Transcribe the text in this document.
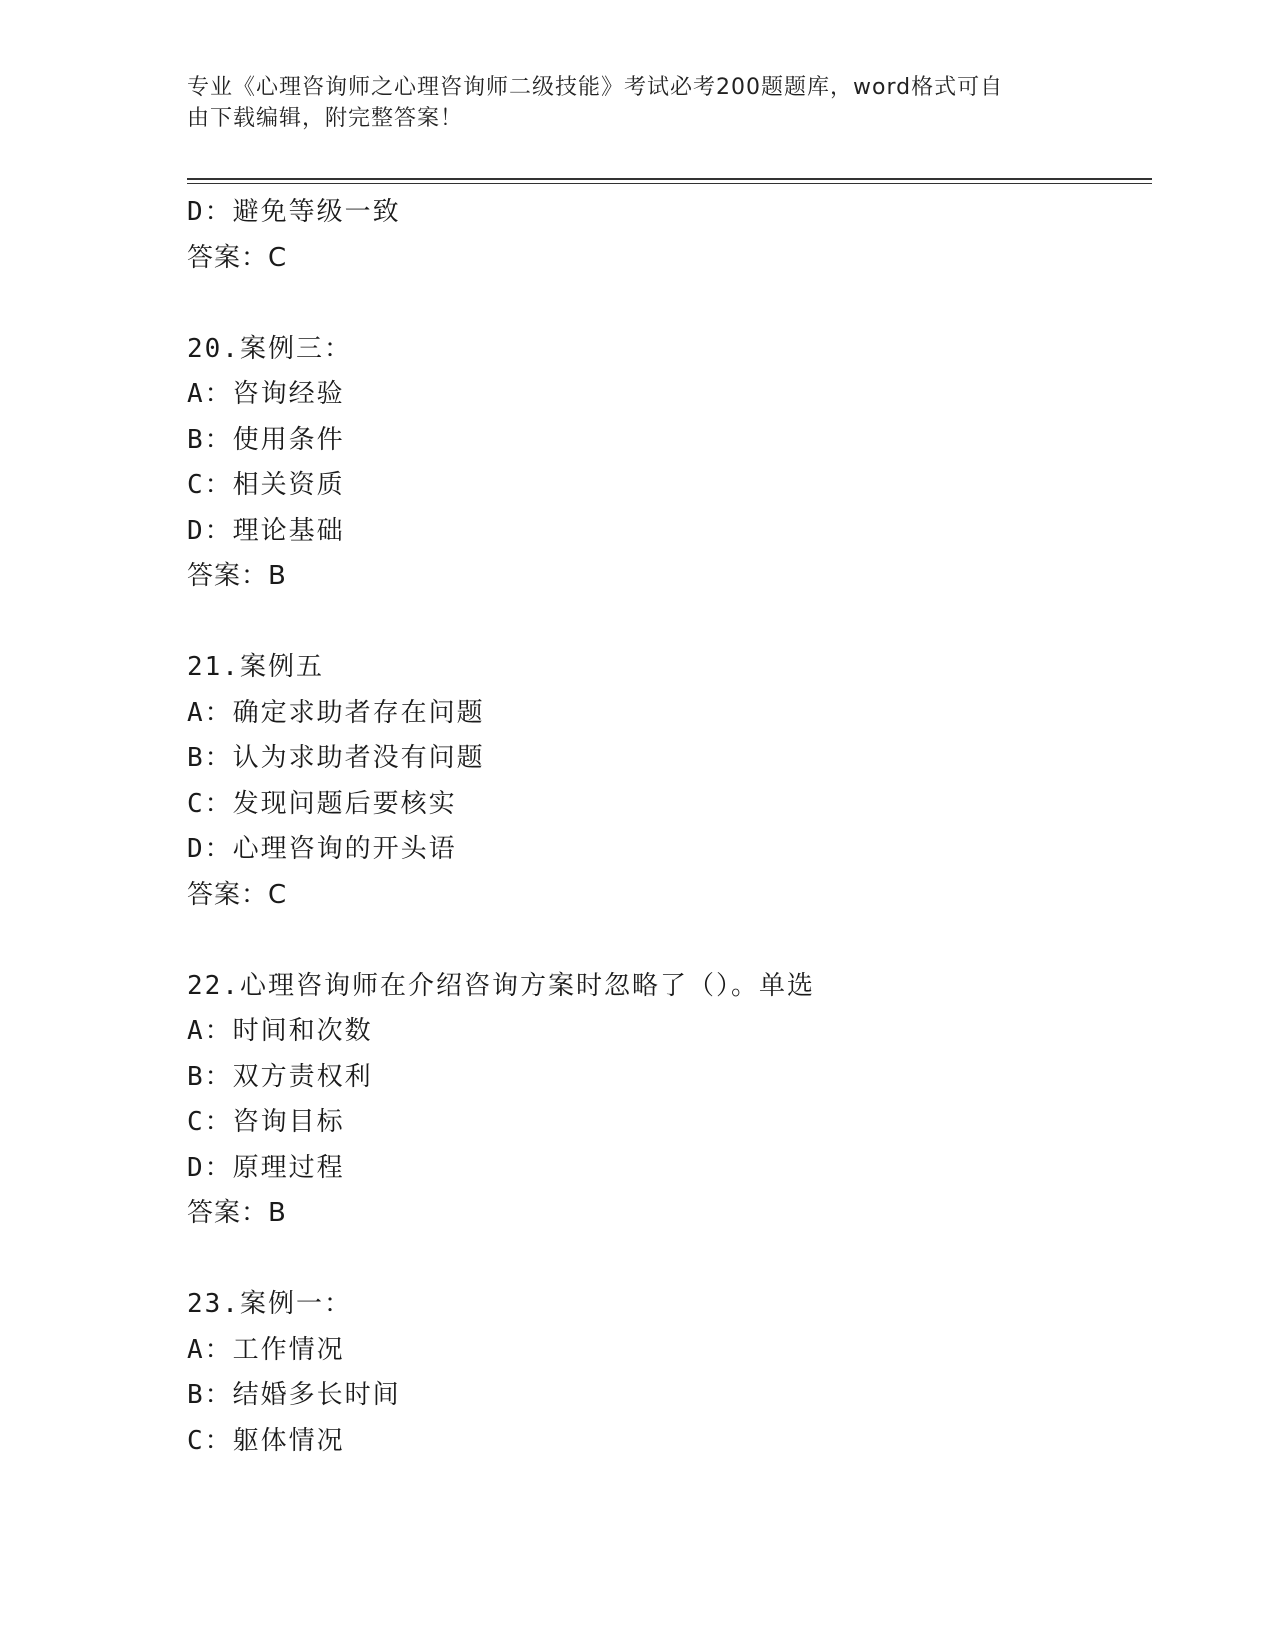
专业《心理咨询师之心理咨询师二级技能》考试必考200题题库，word格式可自
由下载编辑，附完整答案！
D：避免等级一致
答案：C
20.案例三：
A：咨询经验
B：使用条件
C：相关资质
D：理论基础
答案：B
21.案例五
A：确定求助者存在问题
B：认为求助者没有问题
C：发现问题后要核实
D：心理咨询的开头语
答案：C
22.心理咨询师在介绍咨询方案时忽略了（）。单选
A：时间和次数
B：双方责权利
C：咨询目标
D：原理过程
答案：B
23.案例一：
A：工作情况
B：结婚多长时间
C：躯体情况
